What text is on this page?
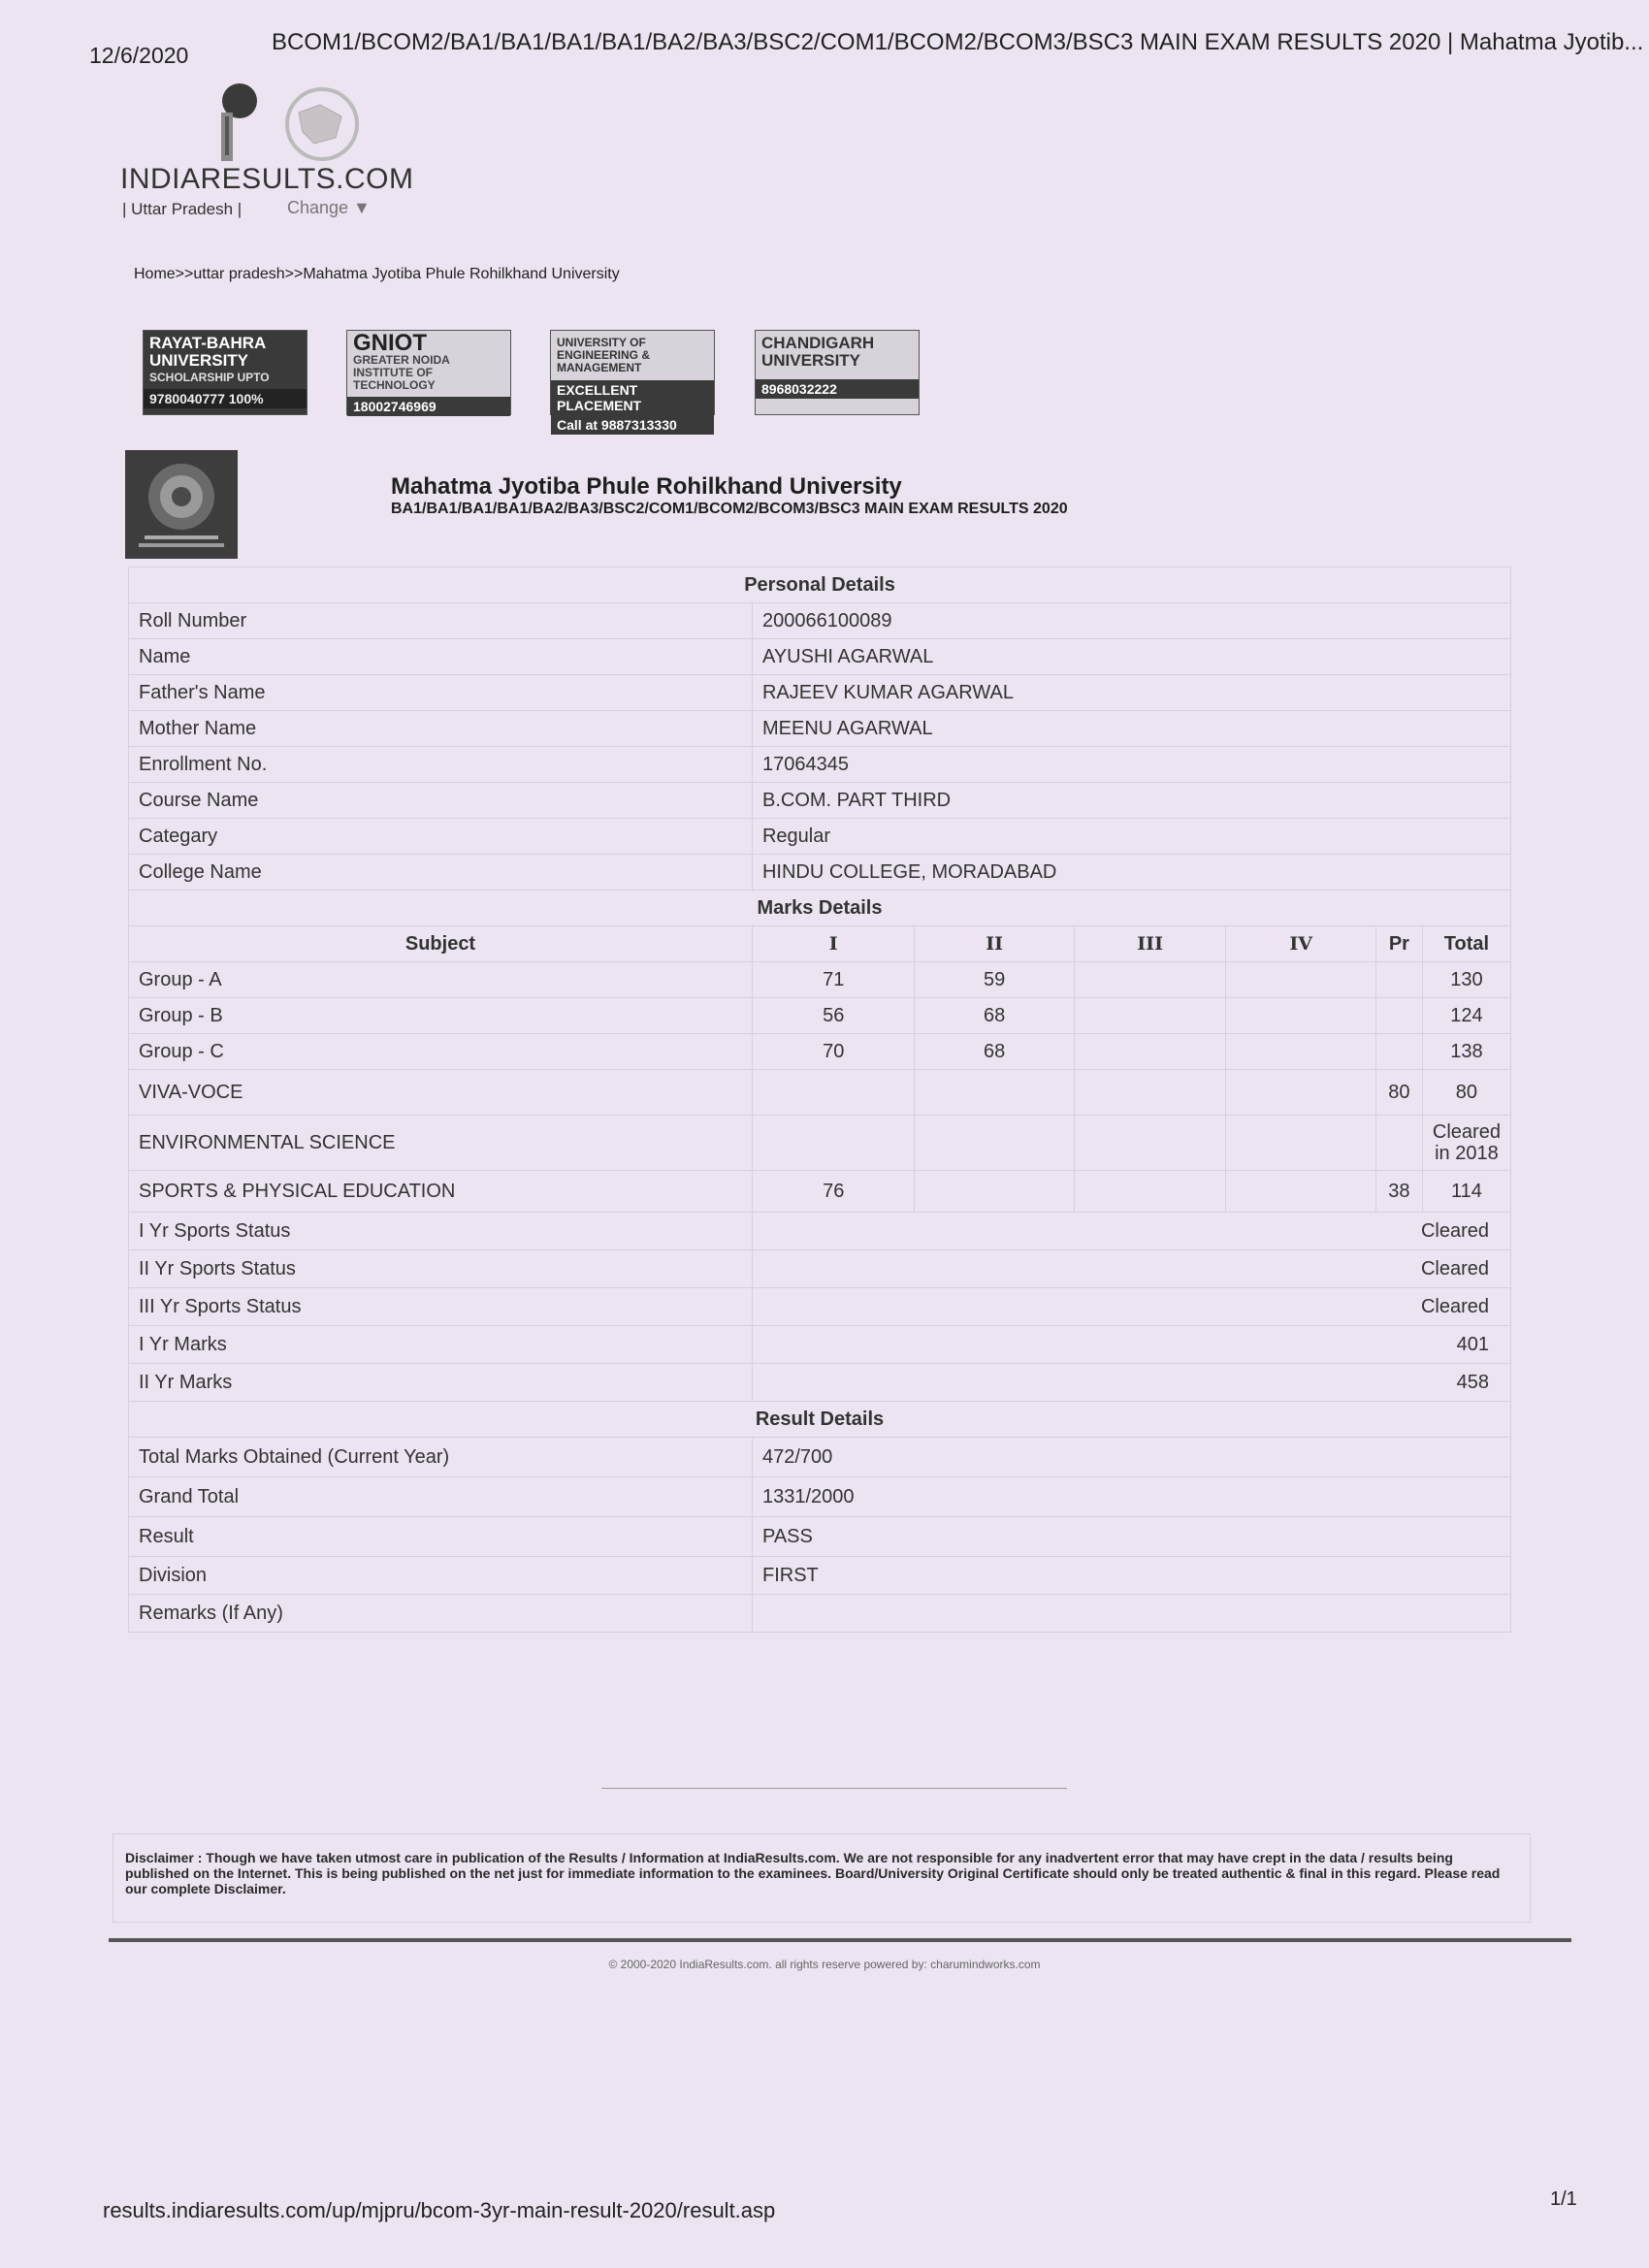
12/6/2020	BCOM1/BCOM2/BA1/BA1/BA1/BA1/BA2/BA3/BSC2/COM1/BCOM2/BCOM3/BSC3 MAIN EXAM RESULTS 2020 | Mahatma Jyotib...
INDIARESULTS.COM
| Uttar Pradesh |	Change ▼
Home>>uttar pradesh>>Mahatma Jyotiba Phule Rohilkhand University
RAYAT-BAHRA UNIVERSITY
SCHOLARSHIP UPTO
9780040777 100%
GNIOT
GREATER NOIDA INSTITUTE OF TECHNOLOGY
18002746969
UNIVERSITY OF ENGINEERING & MANAGEMENT
EXCELLENT PLACEMENT
Call at 9887313330
CHANDIGARH UNIVERSITY
8968032222
Mahatma Jyotiba Phule Rohilkhand University
BA1/BA1/BA1/BA1/BA2/BA3/BSC2/COM1/BCOM2/BCOM3/BSC3 MAIN EXAM RESULTS 2020
Personal Details						
Roll Number	200066100089					
Name	AYUSHI AGARWAL					
Father's Name	RAJEEV KUMAR AGARWAL					
Mother Name	MEENU AGARWAL					
Enrollment No.	17064345					
Course Name	B.COM. PART THIRD					
Categary	Regular					
College Name	HINDU COLLEGE, MORADABAD					
Marks Details						
Subject	I	II	III	IV	Pr	Total
Group - A	71	59				130
Group - B	56	68				124
Group - C	70	68				138
VIVA-VOCE					80	80
ENVIRONMENTAL SCIENCE						Cleared in 2018
SPORTS & PHYSICAL EDUCATION	76				38	114
I Yr Sports Status	Cleared					
II Yr Sports Status	Cleared					
III Yr Sports Status	Cleared					
I Yr Marks	401					
II Yr Marks	458					
Result Details						
Total Marks Obtained (Current Year)	472/700					
Grand Total	1331/2000					
Result	PASS					
Division	FIRST					
Remarks (If Any)						
Disclaimer : Though we have taken utmost care in publication of the Results / Information at IndiaResults.com. We are not responsible for any inadvertent error that may have crept in the data / results being published on the Internet. This is being published on the net just for immediate information to the examinees. Board/University Original Certificate should only be treated authentic & final in this regard. Please read our complete Disclaimer.
© 2000-2020 IndiaResults.com. all rights reserve powered by: charumindworks.com
results.indiaresults.com/up/mjpru/bcom-3yr-main-result-2020/result.asp	1/1
